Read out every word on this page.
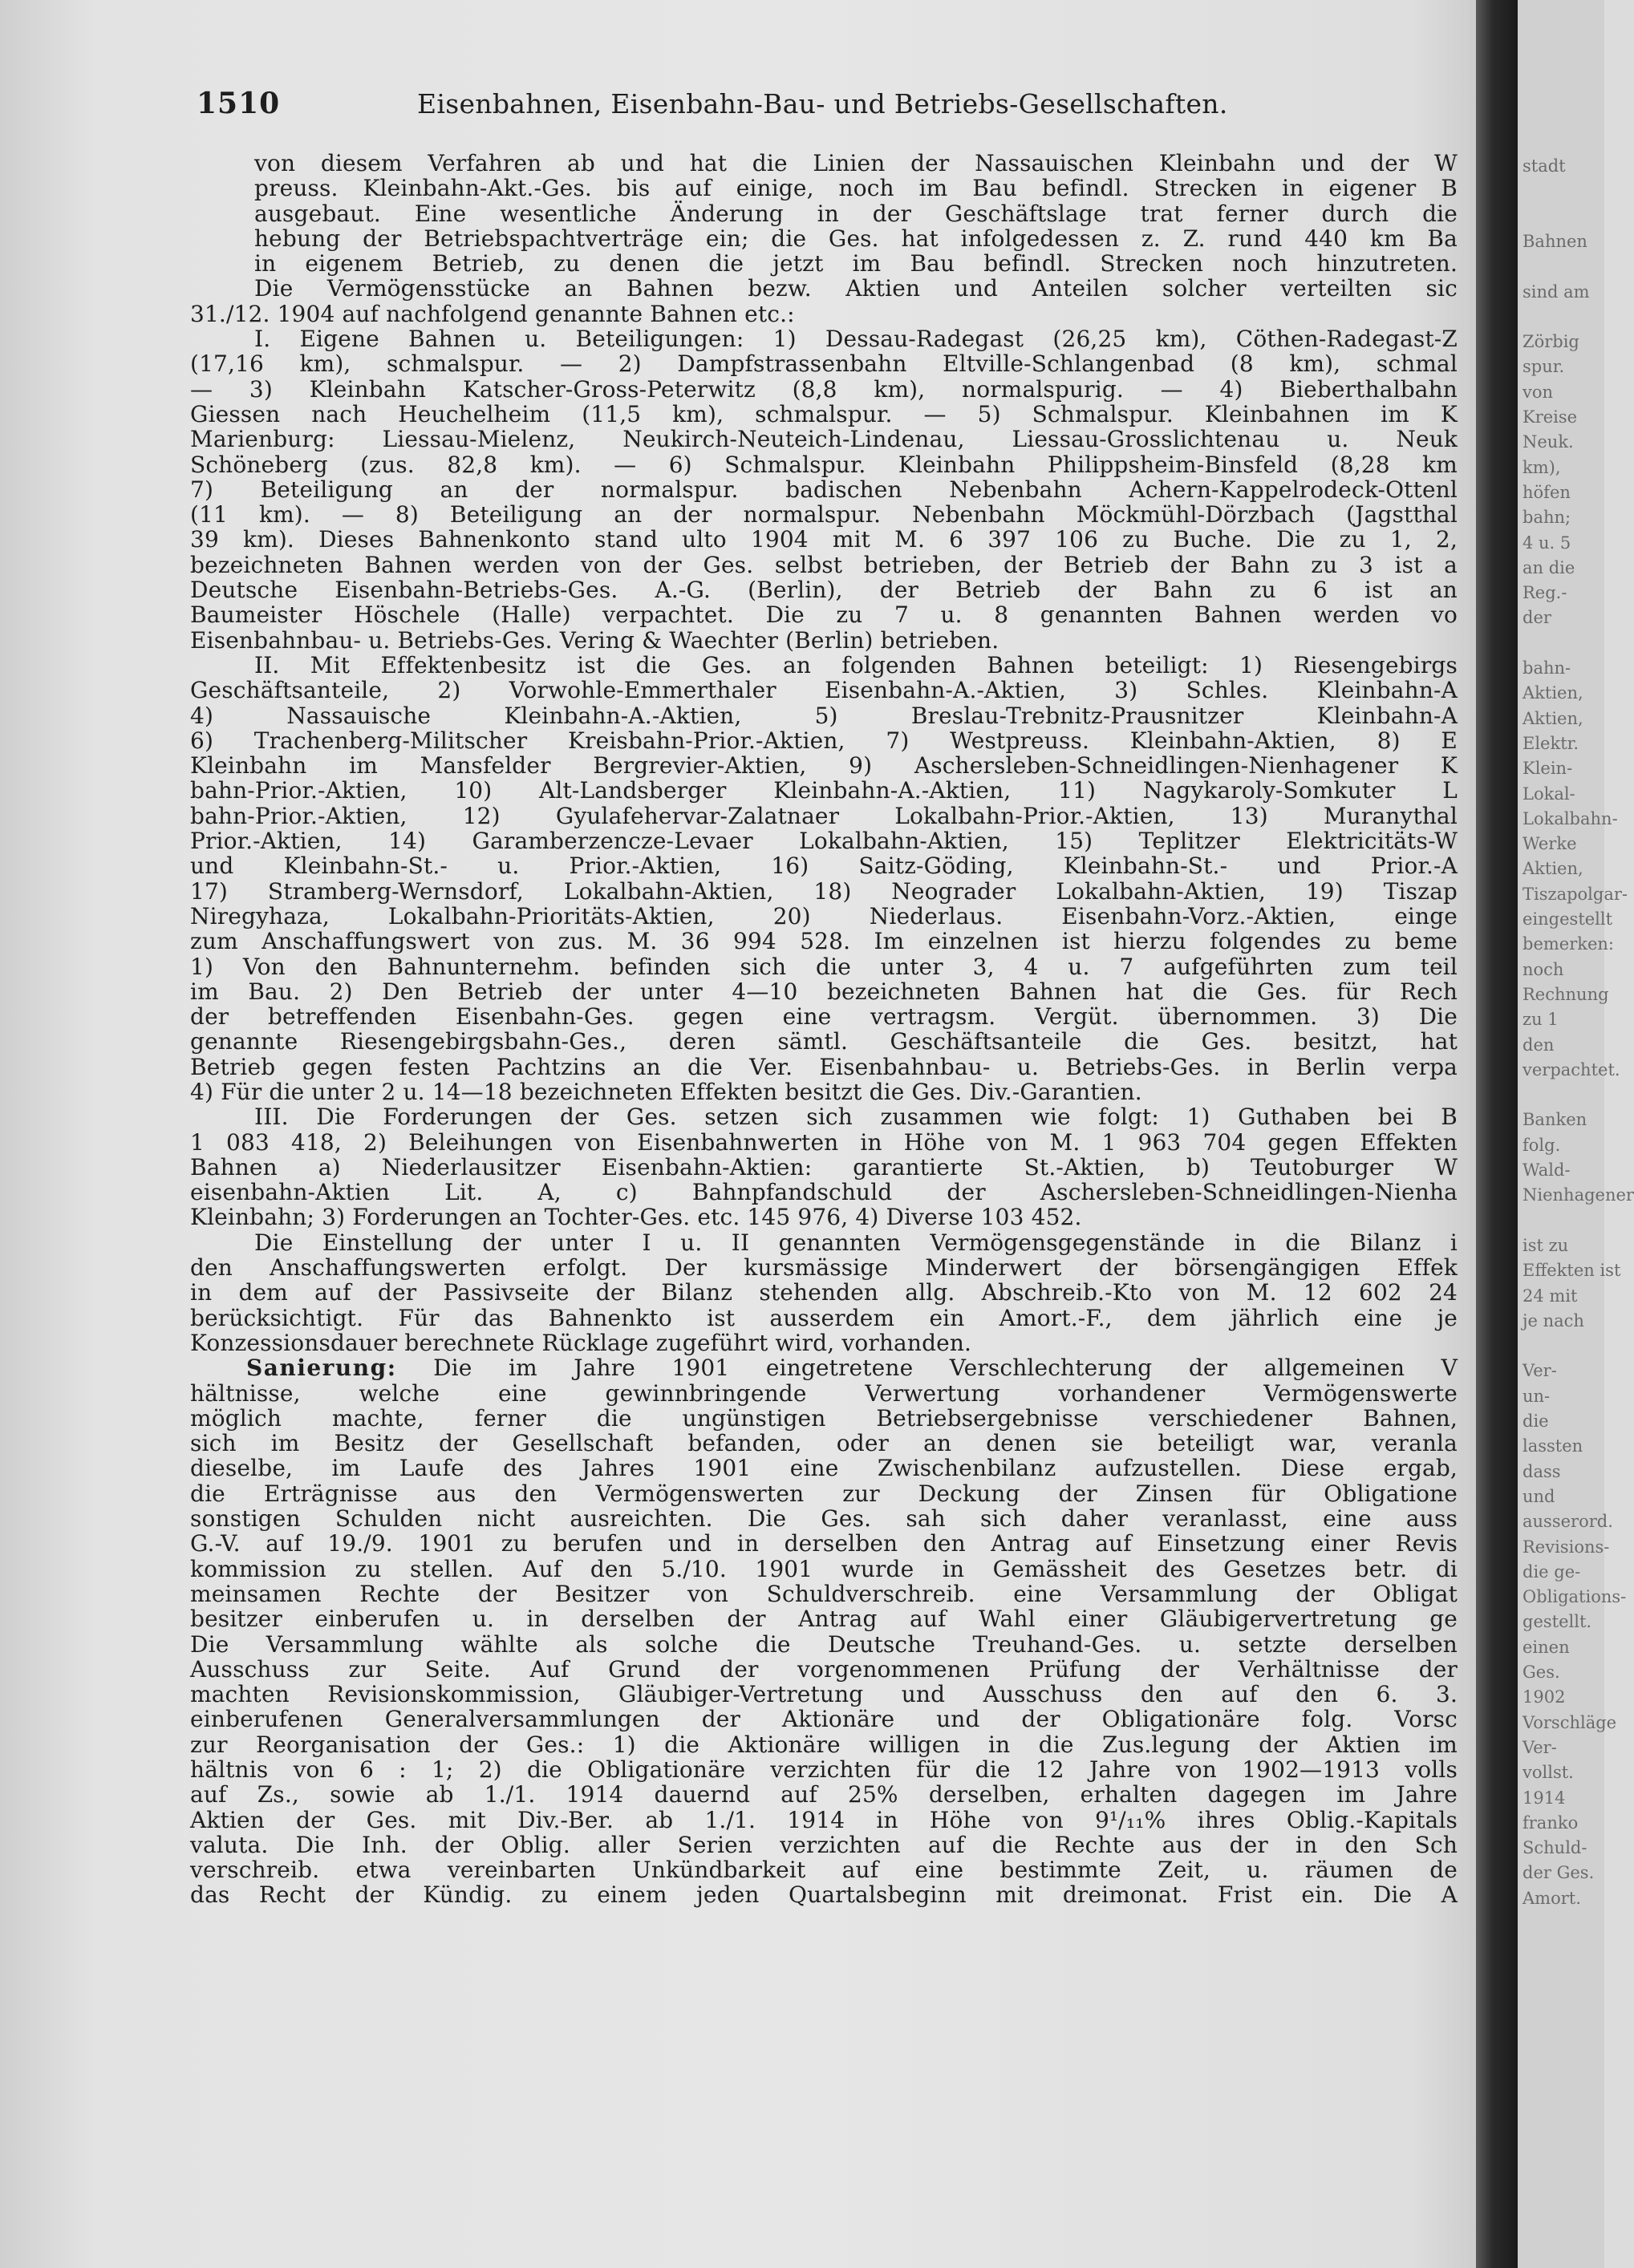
1510	Eisenbahnen, Eisenbahn-Bau- und Betriebs-Gesellschaften.
von diesem Verfahren ab und hat die Linien der Nassauischen Kleinbahn und der W
preuss. Kleinbahn-Akt.-Ges. bis auf einige, noch im Bau befindl. Strecken in eigener B
ausgebaut. Eine wesentliche Änderung in der Geschäftslage trat ferner durch die
hebung der Betriebspachtverträge ein; die Ges. hat infolgedessen z. Z. rund 440 km Ba
in eigenem Betrieb, zu denen die jetzt im Bau befindl. Strecken noch hinzutreten.
Die Vermögensstücke an Bahnen bezw. Aktien und Anteilen solcher verteilten sic
31./12. 1904 auf nachfolgend genannte Bahnen etc.:
I. Eigene Bahnen u. Beteiligungen: 1) Dessau-Radegast (26,25 km), Cöthen-Radegast-Z
(17,16 km), schmalspur. — 2) Dampfstrassenbahn Eltville-Schlangenbad (8 km), schmal
— 3) Kleinbahn Katscher-Gross-Peterwitz (8,8 km), normalspurig. — 4) Bieberthalbahn
Giessen nach Heuchelheim (11,5 km), schmalspur. — 5) Schmalspur. Kleinbahnen im K
Marienburg: Liessau-Mielenz, Neukirch-Neuteich-Lindenau, Liessau-Grosslichtenau u. Neuk
Schöneberg (zus. 82,8 km). — 6) Schmalspur. Kleinbahn Philippsheim-Binsfeld (8,28 km
7) Beteiligung an der normalspur. badischen Nebenbahn Achern-Kappelrodeck-Ottenl
(11 km). — 8) Beteiligung an der normalspur. Nebenbahn Möckmühl-Dörzbach (Jagstthal
39 km). Dieses Bahnenkonto stand ulto 1904 mit M. 6 397 106 zu Buche. Die zu 1, 2,
bezeichneten Bahnen werden von der Ges. selbst betrieben, der Betrieb der Bahn zu 3 ist a
Deutsche Eisenbahn-Betriebs-Ges. A.-G. (Berlin), der Betrieb der Bahn zu 6 ist an
Baumeister Höschele (Halle) verpachtet. Die zu 7 u. 8 genannten Bahnen werden vo
Eisenbahnbau- u. Betriebs-Ges. Vering & Waechter (Berlin) betrieben.
II. Mit Effektenbesitz ist die Ges. an folgenden Bahnen beteiligt: 1) Riesengebirgs
Geschäftsanteile, 2) Vorwohle-Emmerthaler Eisenbahn-A.-Aktien, 3) Schles. Kleinbahn-A
4) Nassauische Kleinbahn-A.-Aktien, 5) Breslau-Trebnitz-Prausnitzer Kleinbahn-A
6) Trachenberg-Militscher Kreisbahn-Prior.-Aktien, 7) Westpreuss. Kleinbahn-Aktien, 8) E
Kleinbahn im Mansfelder Bergrevier-Aktien, 9) Aschersleben-Schneidlingen-Nienhagener K
bahn-Prior.-Aktien, 10) Alt-Landsberger Kleinbahn-A.-Aktien, 11) Nagykaroly-Somkuter L
bahn-Prior.-Aktien, 12) Gyulafehervar-Zalatnaer Lokalbahn-Prior.-Aktien, 13) Muranythal
Prior.-Aktien, 14) Garamberzencze-Levaer Lokalbahn-Aktien, 15) Teplitzer Elektricitäts-W
und Kleinbahn-St.- u. Prior.-Aktien, 16) Saitz-Göding, Kleinbahn-St.- und Prior.-A
17) Stramberg-Wernsdorf, Lokalbahn-Aktien, 18) Neograder Lokalbahn-Aktien, 19) Tiszap
Niregyhaza, Lokalbahn-Prioritäts-Aktien, 20) Niederlaus. Eisenbahn-Vorz.-Aktien, einge
zum Anschaffungswert von zus. M. 36 994 528. Im einzelnen ist hierzu folgendes zu beme
1) Von den Bahnunternehm. befinden sich die unter 3, 4 u. 7 aufgeführten zum teil
im Bau. 2) Den Betrieb der unter 4—10 bezeichneten Bahnen hat die Ges. für Rech
der betreffenden Eisenbahn-Ges. gegen eine vertragsm. Vergüt. übernommen. 3) Die
genannte Riesengebirgsbahn-Ges., deren sämtl. Geschäftsanteile die Ges. besitzt, hat
Betrieb gegen festen Pachtzins an die Ver. Eisenbahnbau- u. Betriebs-Ges. in Berlin verpa
4) Für die unter 2 u. 14—18 bezeichneten Effekten besitzt die Ges. Div.-Garantien.
III. Die Forderungen der Ges. setzen sich zusammen wie folgt: 1) Guthaben bei B
1 083 418, 2) Beleihungen von Eisenbahnwerten in Höhe von M. 1 963 704 gegen Effekten
Bahnen a) Niederlausitzer Eisenbahn-Aktien: garantierte St.-Aktien, b) Teutoburger W
eisenbahn-Aktien Lit. A, c) Bahnpfandschuld der Aschersleben-Schneidlingen-Nienha
Kleinbahn; 3) Forderungen an Tochter-Ges. etc. 145 976, 4) Diverse 103 452.
Die Einstellung der unter I u. II genannten Vermögensgegenstände in die Bilanz i
den Anschaffungswerten erfolgt. Der kursmässige Minderwert der börsengängigen Effek
in dem auf der Passivseite der Bilanz stehenden allg. Abschreib.-Kto von M. 12 602 24
berücksichtigt. Für das Bahnenkto ist ausserdem ein Amort.-F., dem jährlich eine je
Konzessionsdauer berechnete Rücklage zugeführt wird, vorhanden.
Sanierung: Die im Jahre 1901 eingetretene Verschlechterung der allgemeinen V
hältnisse, welche eine gewinnbringende Verwertung vorhandener Vermögenswerte
möglich machte, ferner die ungünstigen Betriebsergebnisse verschiedener Bahnen,
sich im Besitz der Gesellschaft befanden, oder an denen sie beteiligt war, veranla
dieselbe, im Laufe des Jahres 1901 eine Zwischenbilanz aufzustellen. Diese ergab,
die Erträgnisse aus den Vermögenswerten zur Deckung der Zinsen für Obligatione
sonstigen Schulden nicht ausreichten. Die Ges. sah sich daher veranlasst, eine auss
G.-V. auf 19./9. 1901 zu berufen und in derselben den Antrag auf Einsetzung einer Revis
kommission zu stellen. Auf den 5./10. 1901 wurde in Gemässheit des Gesetzes betr. di
meinsamen Rechte der Besitzer von Schuldverschreib. eine Versammlung der Obligat
besitzer einberufen u. in derselben der Antrag auf Wahl einer Gläubigervertretung ge
Die Versammlung wählte als solche die Deutsche Treuhand-Ges. u. setzte derselben
Ausschuss zur Seite. Auf Grund der vorgenommenen Prüfung der Verhältnisse der
machten Revisionskommission, Gläubiger-Vertretung und Ausschuss den auf den 6. 3.
einberufenen Generalversammlungen der Aktionäre und der Obligationäre folg. Vorsc
zur Reorganisation der Ges.: 1) die Aktionäre willigen in die Zus.legung der Aktien im
hältnis von 6 : 1; 2) die Obligationäre verzichten für die 12 Jahre von 1902—1913 volls
auf Zs., sowie ab 1./1. 1914 dauernd auf 25% derselben, erhalten dagegen im Jahre
Aktien der Ges. mit Div.-Ber. ab 1./1. 1914 in Höhe von 9¹/₁₁% ihres Oblig.-Kapitals
valuta. Die Inh. der Oblig. aller Serien verzichten auf die Rechte aus der in den Sch
verschreib. etwa vereinbarten Unkündbarkeit auf eine bestimmte Zeit, u. räumen de
das Recht der Kündig. zu einem jeden Quartalsbeginn mit dreimonat. Frist ein. Die A
stadt
Bahnen
sind am
Zörbig
spur.
von
Kreise
Neuk.
km),
höfen
bahn;
4 u. 5
an die
Reg.-
der
bahn-
Aktien,
Aktien,
Elektr.
Klein-
Lokal-
Lokalbahn-
Werke
Aktien,
Tiszapolgar-
eingestellt
bemerken:
noch
Rechnung
zu 1
den
verpachtet.
Banken
folg.
Wald-
Nienhagener
ist zu
Effekten ist
24 mit
je nach
Ver-
un-
die
lassten
dass
und
ausserord.
Revisions-
die ge-
Obligations-
gestellt.
einen
Ges.
1902
Vorschläge
Ver-
vollst.
1914
franko
Schuld-
der Ges.
Amort.
